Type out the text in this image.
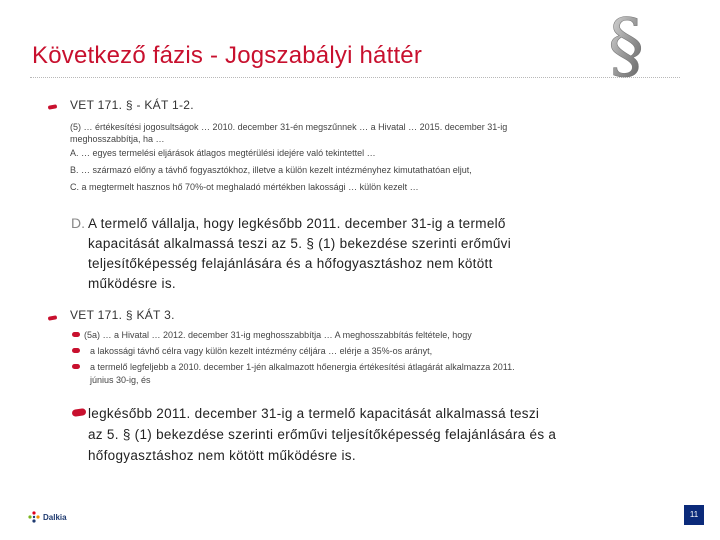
Következő fázis - Jogszabályi háttér	§
VET 171. § - KÁT 1-2.
(5) … értékesítési jogosultságok … 2010. december 31-én megszűnnek … a Hivatal … 2015. december 31-ig
meghosszabbítja, ha …
A. … egyes termelési eljárások átlagos megtérülési idejére való tekintettel …
B. … származó előny a távhő fogyasztókhoz, illetve a külön kezelt intézményhez kimutathatóan eljut,
C. a megtermelt hasznos hő 70%-ot meghaladó mértékben lakossági … külön kezelt …
D. A termelő vállalja, hogy legkésőbb 2011. december 31-ig a termelő
kapacitását alkalmassá teszi az 5. § (1) bekezdése szerinti erőművi
teljesítőképesség felajánlására és a hőfogyasztáshoz nem kötött
működésre is.
VET 171. § KÁT 3.
(5a) … a Hivatal … 2012. december 31-ig meghosszabbítja … A meghosszabbítás feltétele, hogy
a lakossági távhő célra vagy külön kezelt intézmény céljára … elérje a 35%-os arányt,
a termelő legfeljebb a 2010. december 1-jén alkalmazott hőenergia értékesítési átlagárát alkalmazza 2011.
június 30-ig, és
legkésőbb 2011. december 31-ig a termelő kapacitását alkalmassá teszi
az 5. § (1) bekezdése szerinti erőművi teljesítőképesség felajánlására és a
hőfogyasztáshoz nem kötött működésre is.
Dalkia	11
